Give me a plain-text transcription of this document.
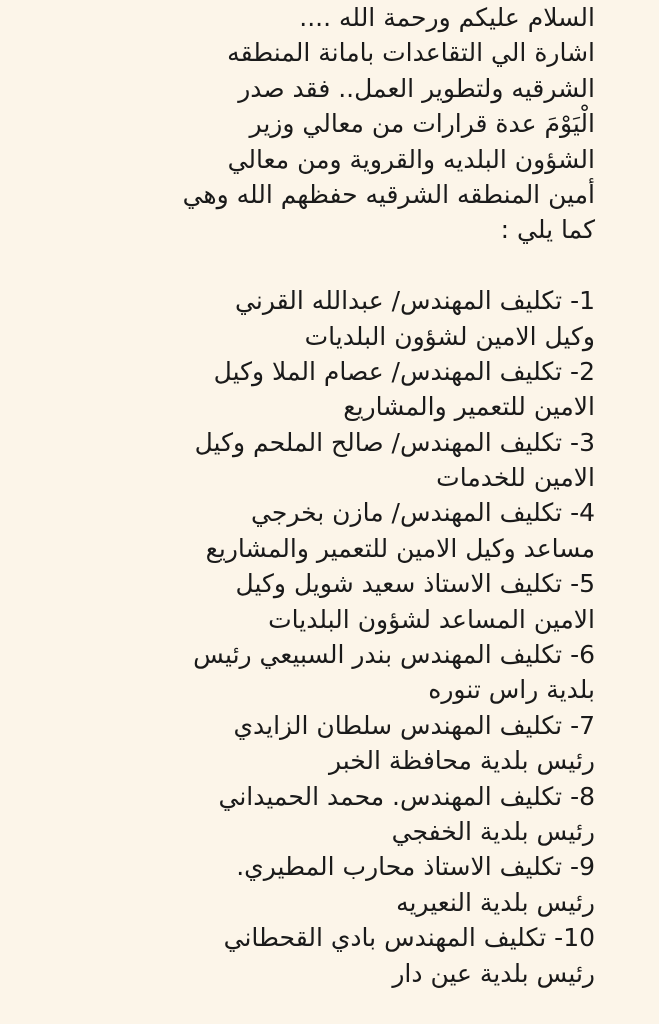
السلام عليكم ورحمة الله ....
اشارة الي التقاعدات بامانة المنطقه
الشرقيه ولتطوير العمل.. فقد صدر
الْيَوْمَ عدة قرارات من معالي وزير
الشؤون البلديه والقروية ومن معالي
أمين المنطقه الشرقيه حفظهم الله وهي
كما يلي :
1- تكليف المهندس/ عبدالله القرني
وكيل الامين لشؤون البلديات
2- تكليف المهندس/ عصام الملا وكيل
الامين للتعمير والمشاريع
3- تكليف المهندس/ صالح الملحم وكيل
الامين للخدمات
4- تكليف المهندس/ مازن بخرجي
مساعد وكيل الامين للتعمير والمشاريع
5- تكليف الاستاذ سعيد شويل وكيل
الامين المساعد لشؤون البلديات
6- تكليف المهندس بندر السبيعي رئيس
بلدية راس تنوره
7- تكليف المهندس سلطان الزايدي
رئيس بلدية محافظة الخبر
8- تكليف المهندس. محمد الحميداني
رئيس بلدية الخفجي
9- تكليف الاستاذ محارب المطيري.
رئيس بلدية النعيريه
10- تكليف المهندس بادي القحطاني
رئيس بلدية عين دار
